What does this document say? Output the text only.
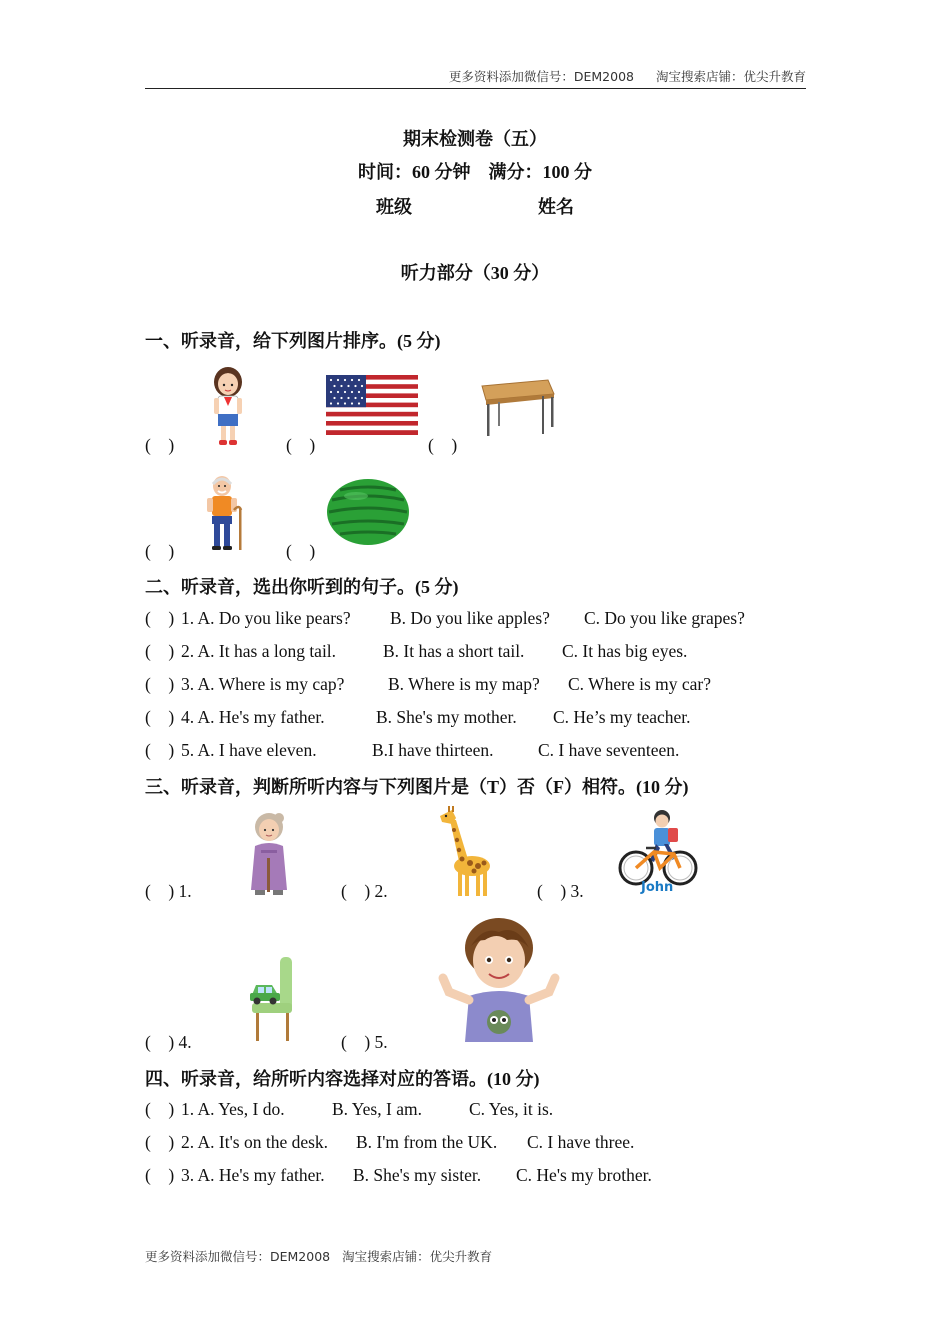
更多资料添加微信号：DEM2008 淘宝搜索店铺：优尖升教育
期末检测卷（五）
时间：60 分钟 满分：100 分
班级	姓名
听力部分（30 分）
一、听录音，给下列图片排序。(5 分)
(    )	(    )	(    )
(    )	(    )
二、听录音，选出你听到的句子。(5 分)
(    ) 1. A. Do you like pears? B. Do you like apples? C. Do you like grapes?
(    ) 2. A. It has a long tail.	B. It has a short tail. C. It has big eyes.
(    ) 3. A. Where is my cap? B. Where is my map? C. Where is my car?
(    ) 4. A. He's my father.	B. She's my mother. C. He’s my teacher.
(    ) 5. A. I have eleven.	B.I have thirteen.	C. I have seventeen.
三、听录音，判断所听内容与下列图片是（T）否（F）相符。(10 分)
(    ) 1.	(    ) 2.	(    ) 3.
(    ) 4.	(    ) 5.
John
四、听录音，给所听内容选择对应的答语。(10 分)
(    ) 1. A. Yes, I do.	B. Yes, I am.	C. Yes, it is.
(    ) 2. A. It's on the desk. B. I'm from the UK. C. I have three.
(    ) 3. A. He's my father. B. She's my sister. C. He's my brother.
更多资料添加微信号：DEM2008 淘宝搜索店铺：优尖升教育
